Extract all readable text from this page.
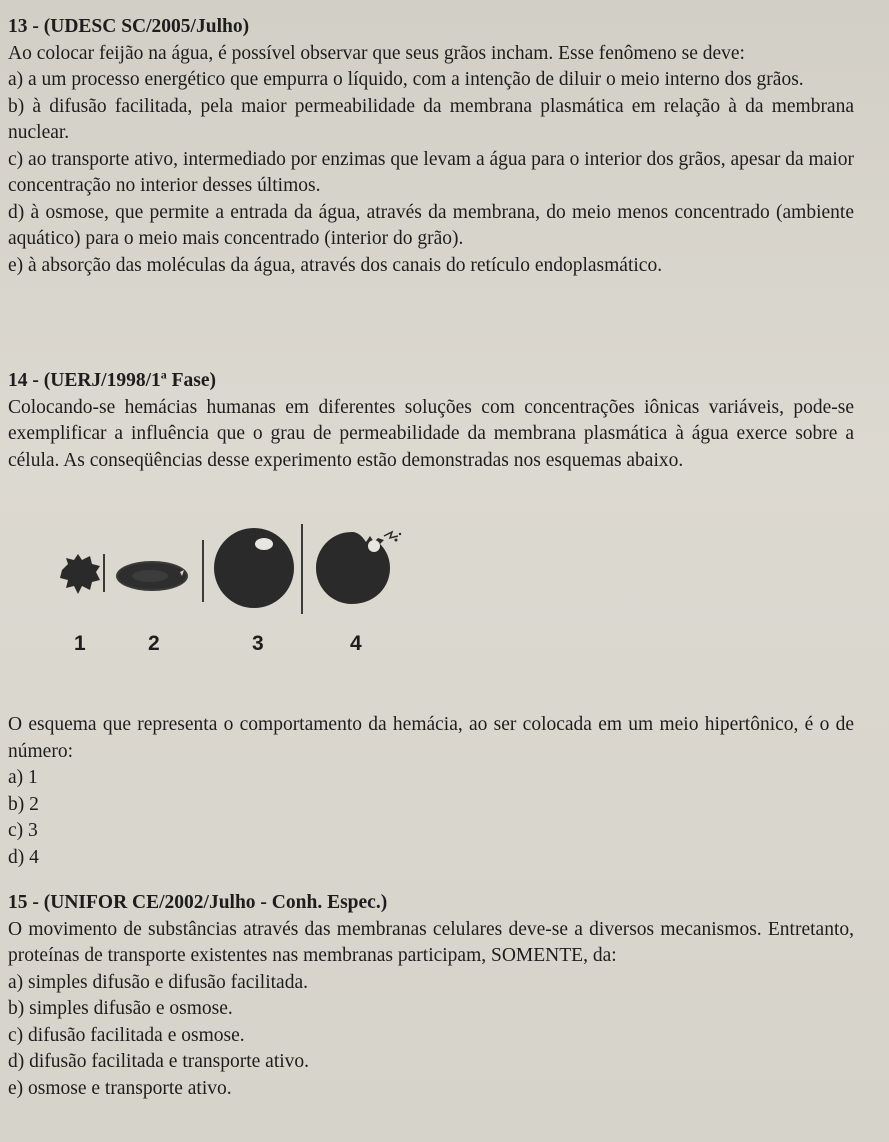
13 - (UDESC SC/2005/Julho)
Ao colocar feijão na água, é possível observar que seus grãos incham. Esse fenômeno se deve:
a) a um processo energético que empurra o líquido, com a intenção de diluir o meio interno dos grãos.
b) à difusão facilitada, pela maior permeabilidade da membrana plasmática em relação à da membrana nuclear.
c) ao transporte ativo, intermediado por enzimas que levam a água para o interior dos grãos, apesar da maior concentração no interior desses últimos.
d) à osmose, que permite a entrada da água, através da membrana, do meio menos concentrado (ambiente aquático) para o meio mais concentrado (interior do grão).
e) à absorção das moléculas da água, através dos canais do retículo endoplasmático.
14 - (UERJ/1998/1$^a$ Fase)
Colocando-se hemácias humanas em diferentes soluções com concentrações iônicas variáveis, pode-se exemplificar a influência que o grau de permeabilidade da membrana plasmática à água exerce sobre a célula. As conseqüências desse experimento estão demonstradas nos esquemas abaixo.
O esquema que representa o comportamento da hemácia, ao ser colocada em um meio hipertônico, é o de número:
a) 1
b) 2
c) 3
d) 4
15 - (UNIFOR CE/2002/Julho - Conh. Espec.)
O movimento de substâncias através das membranas celulares deve-se a diversos mecanismos. Entretanto, proteínas de transporte existentes nas membranas participam, SOMENTE, da:
a) simples difusão e difusão facilitada.
b) simples difusão e osmose.
c) difusão facilitada e osmose.
d) difusão facilitada e transporte ativo.
e) osmose e transporte ativo.
1	2	3	4
